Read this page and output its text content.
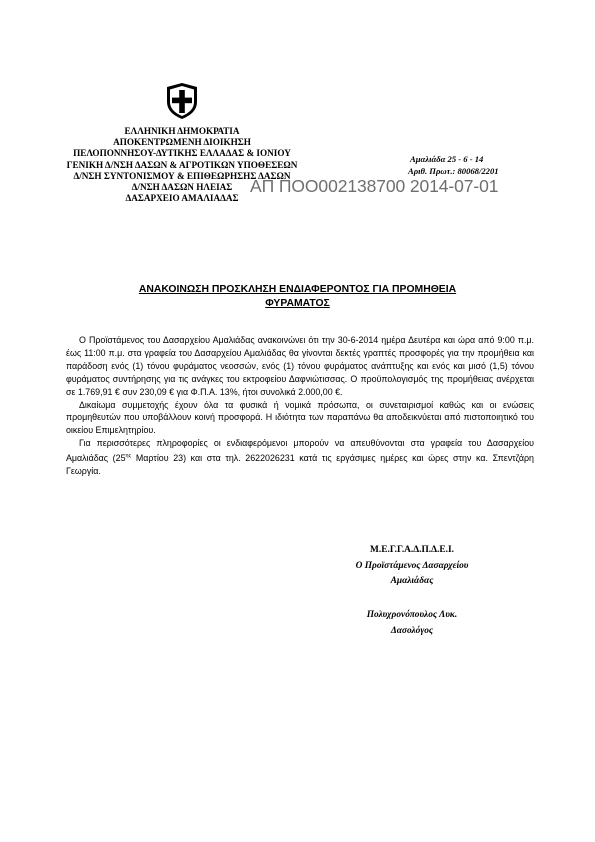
ΕΛΛΗΝΙΚΗ ΔΗΜΟΚΡΑΤΙΑ
ΑΠΟΚΕΝΤΡΩΜΕΝΗ ΔΙΟΙΚΗΣΗ
ΠΕΛΟΠΟΝΝΗΣΟΥ-ΔΥΤΙΚΗΣ ΕΛΛΑΔΑΣ & ΙΟΝΙΟΥ
ΓΕΝΙΚΗ Δ/ΝΣΗ ΔΑΣΩΝ & ΑΓΡΟΤΙΚΩΝ ΥΠΟΘΕΣΕΩΝ
Δ/ΝΣΗ ΣΥΝΤΟΝΙΣΜΟΥ & ΕΠΙΘΕΩΡΗΣΗΣ ΔΑΣΩΝ
Δ/ΝΣΗ ΔΑΣΩΝ ΗΛΕΙΑΣ
ΔΑΣΑΡΧΕΙΟ ΑΜΑΛΙΑΔΑΣ
Αμαλιάδα 25 - 6 - 14
Αριθ. Πρωτ.: 80068/2201
ΑΠ ΠΟΟ002138700 2014-07-01
ΑΝΑΚΟΙΝΩΣΗ ΠΡΟΣΚΛΗΣΗ ΕΝΔΙΑΦΕΡΟΝΤΟΣ ΓΙΑ ΠΡΟΜΗΘΕΙΑ
ΦΥΡΑΜΑΤΟΣ

Ο Προϊστάμενος του Δασαρχείου Αμαλιάδας ανακοινώνει ότι την 30-6-2014 ημέρα Δευτέρα και ώρα από 9:00 π.μ. έως 11:00 π.μ. στα γραφεία του Δασαρχείου Αμαλιάδας θα γίνονται δεκτές γραπτές προσφορές για την προμήθεια και παράδοση ενός (1) τόνου φυράματος νεοσσών, ενός (1) τόνου φυράματος ανάπτυξης και ενός και μισό (1,5) τόνου φυράματος συντήρησης για τις ανάγκες του εκτροφείου Δαφνιώτισσας. Ο προϋπολογισμός της προμήθειας ανέρχεται σε 1.769,91 € συν 230,09 € για Φ.Π.Α. 13%, ήτοι συνολικά 2.000,00 €.

Δικαίωμα συμμετοχής έχουν όλα τα φυσικά ή νομικά πρόσωπα, οι συνεταιρισμοί καθώς και οι ενώσεις προμηθευτών που υποβάλλουν κοινή προσφορά. Η ιδιότητα των παραπάνω θα αποδεικνύεται από πιστοποιητικό του οικείου Επιμελητηρίου.

Για περισσότερες πληροφορίες οι ενδιαφερόμενοι μπορούν να απευθύνονται στα γραφεία του Δασαρχείου Αμαλιάδας ($25^{\eta\varsigma}$ Μαρτίου 23) και στα τηλ. 2622026231 κατά τις εργάσιμες ημέρες και ώρες στην κα. Σπεντζάρη Γεωργία.

Μ.Ε.Γ.Γ.Α.Δ.Π.Δ.Ε.Ι.
Ο Προϊστάμενος Δασαρχείου
Αμαλιάδας
Πολυχρονόπουλος Λυκ.
Δασολόγος
